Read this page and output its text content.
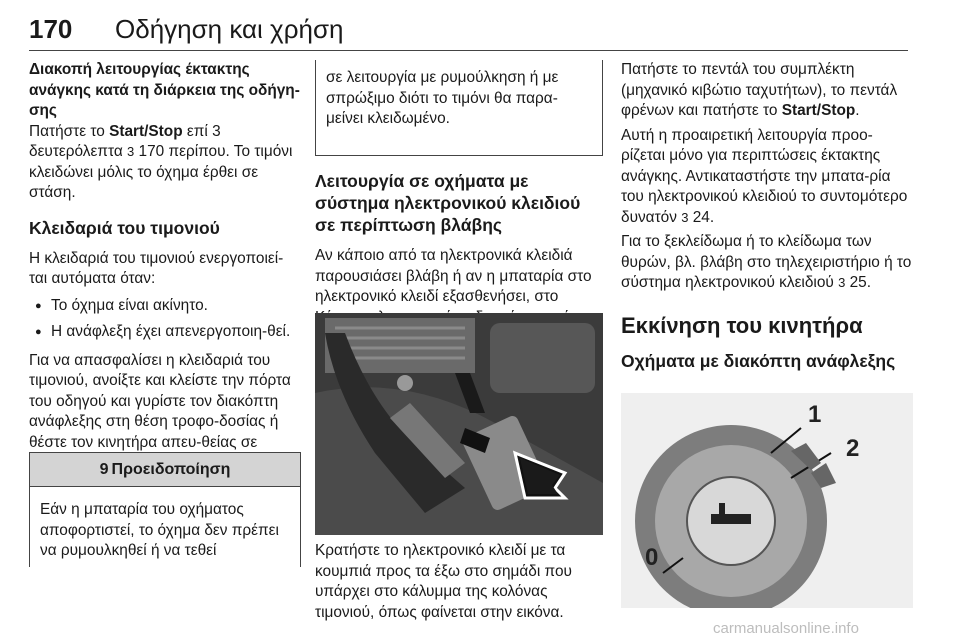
170 Οδήγηση και χρήση
Διακοπή λειτουργίας έκτακτης ανάγκης κατά τη διάρκεια της οδήγη-σης
Πατήστε το Start/Stop επί 3 δευτερόλεπτα 3 170 περίπου. Το τιμόνι κλειδώνει μόλις το όχημα έρθει σε στάση.
Κλειδαριά του τιμονιού
Η κλειδαριά του τιμονιού ενεργοποιεί-ται αυτόματα όταν:
● Το όχημα είναι ακίνητο.
● Η ανάφλεξη έχει απενεργοποιη-θεί.
Για να απασφαλίσει η κλειδαριά του τιμονιού, ανοίξτε και κλείστε την πόρτα του οδηγού και γυρίστε τον διακόπτη ανάφλεξης στη θέση τροφο-δοσίας ή θέστε τον κινητήρα απευ-θείας σε
9 Προειδοποίηση
Εάν η μπαταρία του οχήματος αποφορτιστεί, το όχημα δεν πρέπει να ρυμουλκηθεί ή να τεθεί
σε λειτουργία με ρυμούλκηση ή με σπρώξιμο διότι το τιμόνι θα παρα-μείνει κλειδωμένο.
Λειτουργία σε οχήματα με σύστημα ηλεκτρονικού κλειδιού σε περίπτωση βλάβης
Αν κάποιο από τα ηλεκτρονικά κλειδιά παρουσιάσει βλάβη ή αν η μπαταρία στο ηλεκτρονικό κλειδί εξασθενήσει, στο
Κρατήστε το ηλεκτρονικό κλειδί με τα κουμπιά προς τα έξω στο σημάδι που υπάρχει στο κάλυμμα της κολόνας τιμονιού, όπως φαίνεται στην εικόνα.
Πατήστε το πεντάλ του συμπλέκτη (μηχανικό κιβώτιο ταχυτήτων), το πεντάλ φρένων και πατήστε το Start/Stop.
Αυτή η προαιρετική λειτουργία προο-ρίζεται μόνο για περιπτώσεις έκτακτης ανάγκης. Αντικαταστήστε την μπατα-ρία του ηλεκτρονικού κλειδιού το συντομότερο δυνατόν 3 24.
Για το ξεκλείδωμα ή το κλείδωμα των θυρών, βλ. βλάβη στο τηλεχειριστήριο ή το σύστημα ηλεκτρονικού κλειδιού 3 25.
Εκκίνηση του κινητήρα
Οχήματα με διακόπτη ανάφλεξης
1
2
0
carmanualsonline.info
